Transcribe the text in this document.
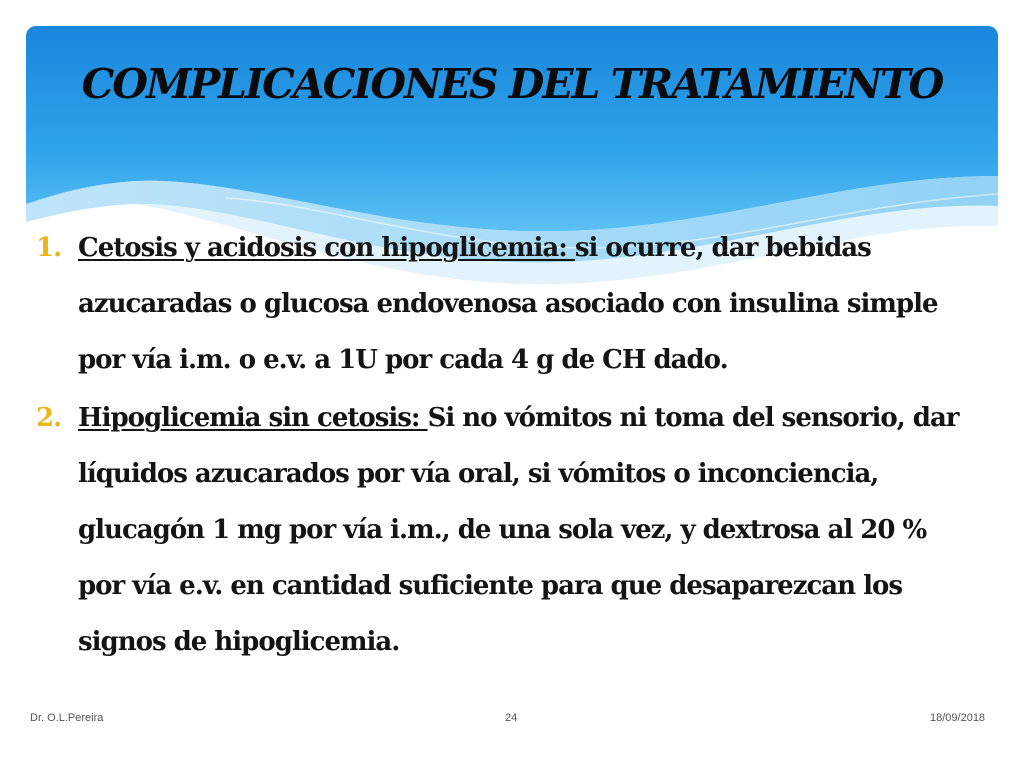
COMPLICACIONES DEL TRATAMIENTO
1. Cetosis y acidosis con hipoglicemia: si ocurre, dar bebidas azucaradas o glucosa endovenosa asociado con insulina simple por vía i.m. o e.v. a 1U por cada 4 g de CH dado.
2. Hipoglicemia sin cetosis: Si no vómitos ni toma del sensorio, dar líquidos azucarados por vía oral, si vómitos o inconciencia, glucagón 1 mg por vía i.m., de una sola vez, y dextrosa al 20 % por vía e.v. en cantidad suficiente para que desaparezcan los signos de hipoglicemia.
Dr. O.L.Pereira	24	18/09/2018
